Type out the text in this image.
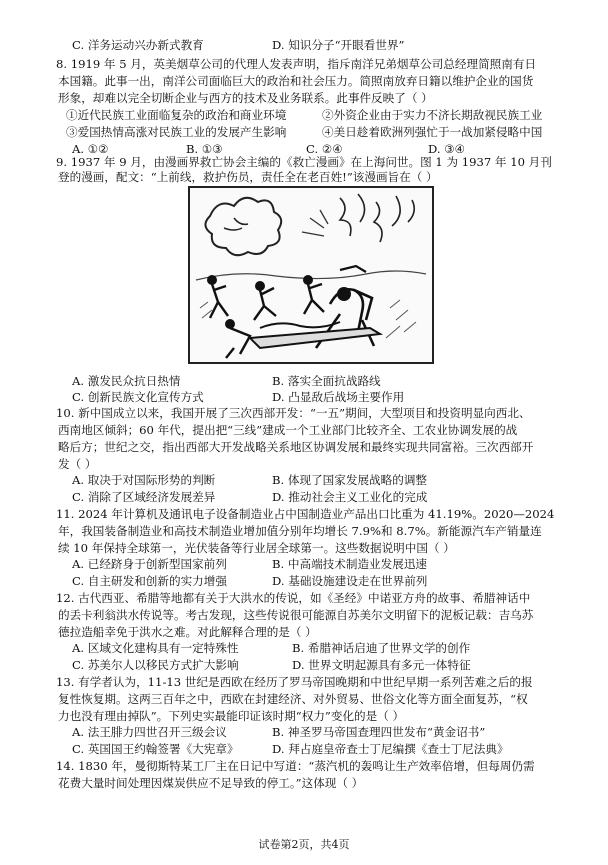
C. 洋务运动兴办新式教育	D. 知识分子“开眼看世界”
8. 1919 年 5 月，英美烟草公司的代理人发表声明，指斥南洋兄弟烟草公司总经理简照南有日
本国籍。此事一出，南洋公司面临巨大的政治和社会压力。简照南放弃日籍以维护企业的国货
形象，却难以完全切断企业与西方的技术及业务联系。此事件反映了（ ）
①近代民族工业面临复杂的政治和商业环境	②外资企业由于实力不济长期敌视民族工业
③爱国热情高涨对民族工业的发展产生影响	④美日趁着欧洲列强忙于一战加紧侵略中国
A. ①②	B. ①③	C. ②④	D. ③④
9. 1937 年 9 月，由漫画界救亡协会主编的《救亡漫画》在上海问世。图 1 为 1937 年 10 月刊
登的漫画，配文：“上前线，救护伤员，责任全在老百姓!”该漫画旨在（ ）
A. 激发民众抗日热情	B. 落实全面抗战路线
C. 创新民族文化宣传方式	D. 凸显敌后战场主要作用
10. 新中国成立以来，我国开展了三次西部开发：“一五”期间，大型项目和投资明显向西北、
西南地区倾斜；60 年代，提出把“三线”建成一个工业部门比较齐全、工农业协调发展的战
略后方；世纪之交，指出西部大开发战略关系地区协调发展和最终实现共同富裕。三次西部开
发（ ）
A. 取决于对国际形势的判断	B. 体现了国家发展战略的调整
C. 消除了区域经济发展差异	D. 推动社会主义工业化的完成
11. 2024 年计算机及通讯电子设备制造业占中国制造业产品出口比重为 41.19%。2020—2024
年，我国装备制造业和高技术制造业增加值分别年均增长 7.9%和 8.7%。新能源汽车产销量连
续 10 年保持全球第一，光伏装备等行业居全球第一。这些数据说明中国（ ）
A. 已经跻身于创新型国家前列	B. 中高端技术制造业发展迅速
C. 自主研发和创新的实力增强	D. 基础设施建设走在世界前列
12. 古代西亚、希腊等地都有关于大洪水的传说，如《圣经》中诺亚方舟的故事、希腊神话中
的丢卡利翁洪水传说等。考古发现，这些传说很可能源自苏美尔文明留下的泥板记载：吉乌苏
德拉造船幸免于洪水之难。对此解释合理的是（ ）
A. 区域文化建构具有一定特殊性	B. 希腊神话启迪了世界文学的创作
C. 苏美尔人以移民方式扩大影响	D. 世界文明起源具有多元一体特征
13. 有学者认为，11-13 世纪是西欧在经历了罗马帝国晚期和中世纪早期一系列苦难之后的报
复性恢复期。这两三百年之中，西欧在封建经济、对外贸易、世俗文化等方面全面复苏，“权
力也没有理由掉队”。下列史实最能印证该时期“权力”变化的是（ ）
A. 法王腓力四世召开三级会议	B. 神圣罗马帝国查理四世发布“黄金诏书”
C. 英国国王约翰签署《大宪章》	D. 拜占庭皇帝查士丁尼编撰《查士丁尼法典》
14. 1830 年，曼彻斯特某工厂主在日记中写道：“蒸汽机的轰鸣让生产效率倍增，但每周仍需
花费大量时间处理因煤炭供应不足导致的停工。”这体现（ ）
试卷第2页，共4页
